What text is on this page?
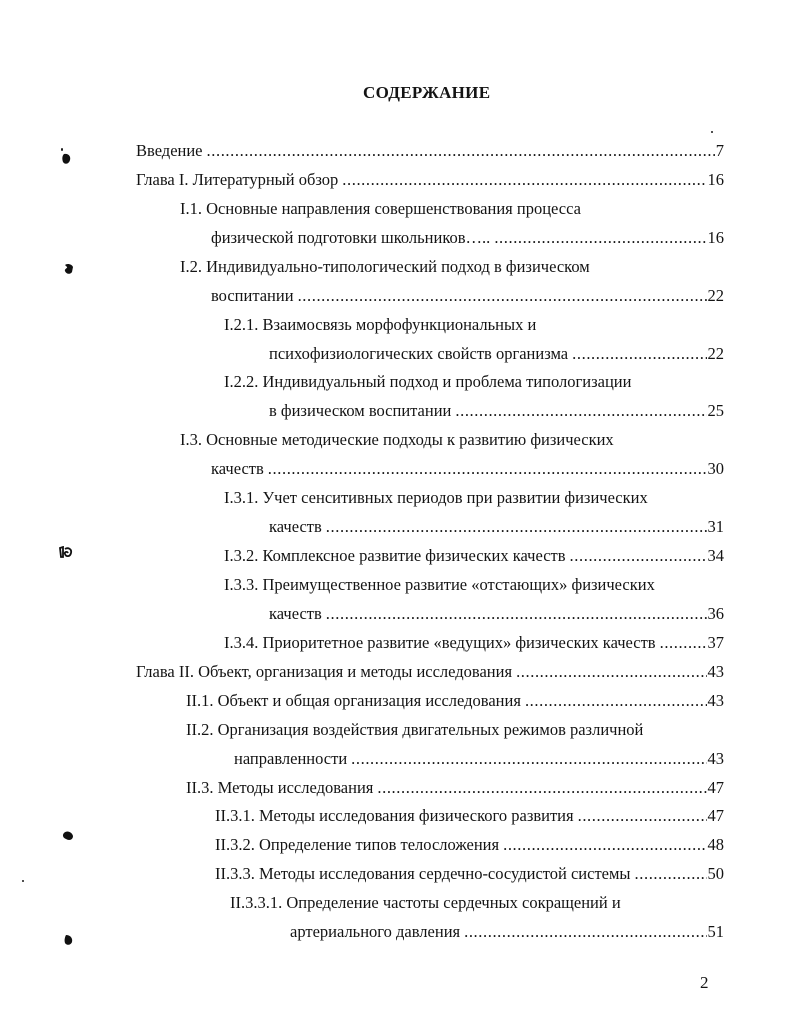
СОДЕРЖАНИЕ
Введение .....	7
Глава I. Литературный обзор .....	16
I.1. Основные направления совершенствования процесса
физической подготовки школьников….. .....	16
I.2. Индивидуально-типологический подход в физическом
воспитании .....	22
I.2.1. Взаимосвязь морфофункциональных и
психофизиологических свойств организма .....	22
I.2.2. Индивидуальный подход и проблема типологизации
в физическом воспитании .....	25
I.3. Основные методические подходы к развитию физических
качеств .....	30
I.3.1. Учет сенситивных периодов при развитии физических
качеств .....	31
I.3.2. Комплексное развитие физических качеств .....	34
I.3.3. Преимущественное развитие «отстающих» физических
качеств .....	36
I.3.4. Приоритетное развитие «ведущих» физических качеств .....	37
Глава II. Объект, организация и методы исследования .....	43
II.1. Объект и общая организация исследования .....	43
II.2. Организация воздействия двигательных режимов различной
направленности .....	43
II.3. Методы исследования .....	47
II.3.1. Методы исследования физического развития .....	47
II.3.2. Определение типов телосложения .....	48
II.3.3. Методы исследования сердечно-сосудистой системы .....	50
II.3.3.1. Определение частоты сердечных сокращений и
артериального давления .....	51
2
